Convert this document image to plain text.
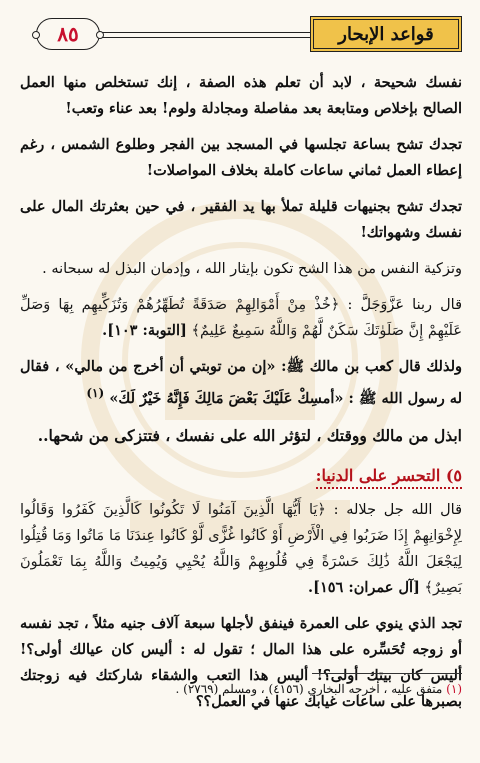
٨٥	قواعد الإبحار

نفسك شحيحة ، لابد أن تعلم هذه الصفة ، إنك تستخلص منها العمل الصالح بإخلاص ومتابعة بعد مفاصلة ومجادلة ولوم! بعد عناء وتعب!

تجدك تشح بساعة تجلسها في المسجد بين الفجر وطلوع الشمس ، رغم إعطاء العمل ثماني ساعات كاملة بخلاف المواصلات!

تجدك تشح بجنيهات قليلة تملأ بها يد الفقير ، في حين بعثرتك المال على نفسك وشهواتك!

وتزكية النفس من هذا الشح تكون بإيثار الله ، وإدمان البذل له سبحانه .

قال ربنا عَزَّوَجَلَّ : ﴿خُذْ مِنْ أَمْوَالِهِمْ صَدَقَةً تُطَهِّرُهُمْ وَتُزَكِّيهِم بِهَا وَصَلِّ عَلَيْهِمْ إِنَّ صَلَوٰتَكَ سَكَنٌ لَّهُمْ وَاللَّهُ سَمِيعٌ عَلِيمٌ﴾ [التوبة: ١٠٣].

ولذلك قال كعب بن مالك ﷺ: «إن من توبتي أن أخرج من مالي» ، فقال له رسول الله ﷺ : «أمسِكْ عَلَيْكَ بَعْضَ مَالِكَ فَإِنَّهُ خَيْرٌ لَكَ» $^{(١)}$

ابذل من مالك ووقتك ، لتؤثر الله على نفسك ، فتتزكى من شحها..

٥) التحسر على الدنيا:

قال الله جل جلاله : ﴿يَا أَيُّهَا الَّذِينَ آمَنُوا لَا تَكُونُوا كَالَّذِينَ كَفَرُوا وَقَالُوا لِإِخْوَانِهِمْ إِذَا ضَرَبُوا فِي الْأَرْضِ أَوْ كَانُوا غُزًّى لَّوْ كَانُوا عِندَنَا مَا مَاتُوا وَمَا قُتِلُوا لِيَجْعَلَ اللَّهُ ذَٰلِكَ حَسْرَةً فِي قُلُوبِهِمْ وَاللَّهُ يُحْيِي وَيُمِيتُ وَاللَّهُ بِمَا تَعْمَلُونَ بَصِيرٌ﴾ [آل عمران: ١٥٦].

تجد الذي ينوي على العمرة فينفق لأجلها سبعة آلاف جنيه مثلاً ، تجد نفسه أو زوجه تُحَسِّره على هذا المال ؛ تقول له : أليس كان عيالك أولى؟! أليس كان بيتك أولى؟! أليس هذا التعب والشقاء شاركتك فيه زوجتك بصبرها على ساعات غيابك عنها في العمل؟؟

(١) متفق عليه ، أخرجه البخاري (٤١٥٦) ، ومسلم (٢٧٦٩) .
